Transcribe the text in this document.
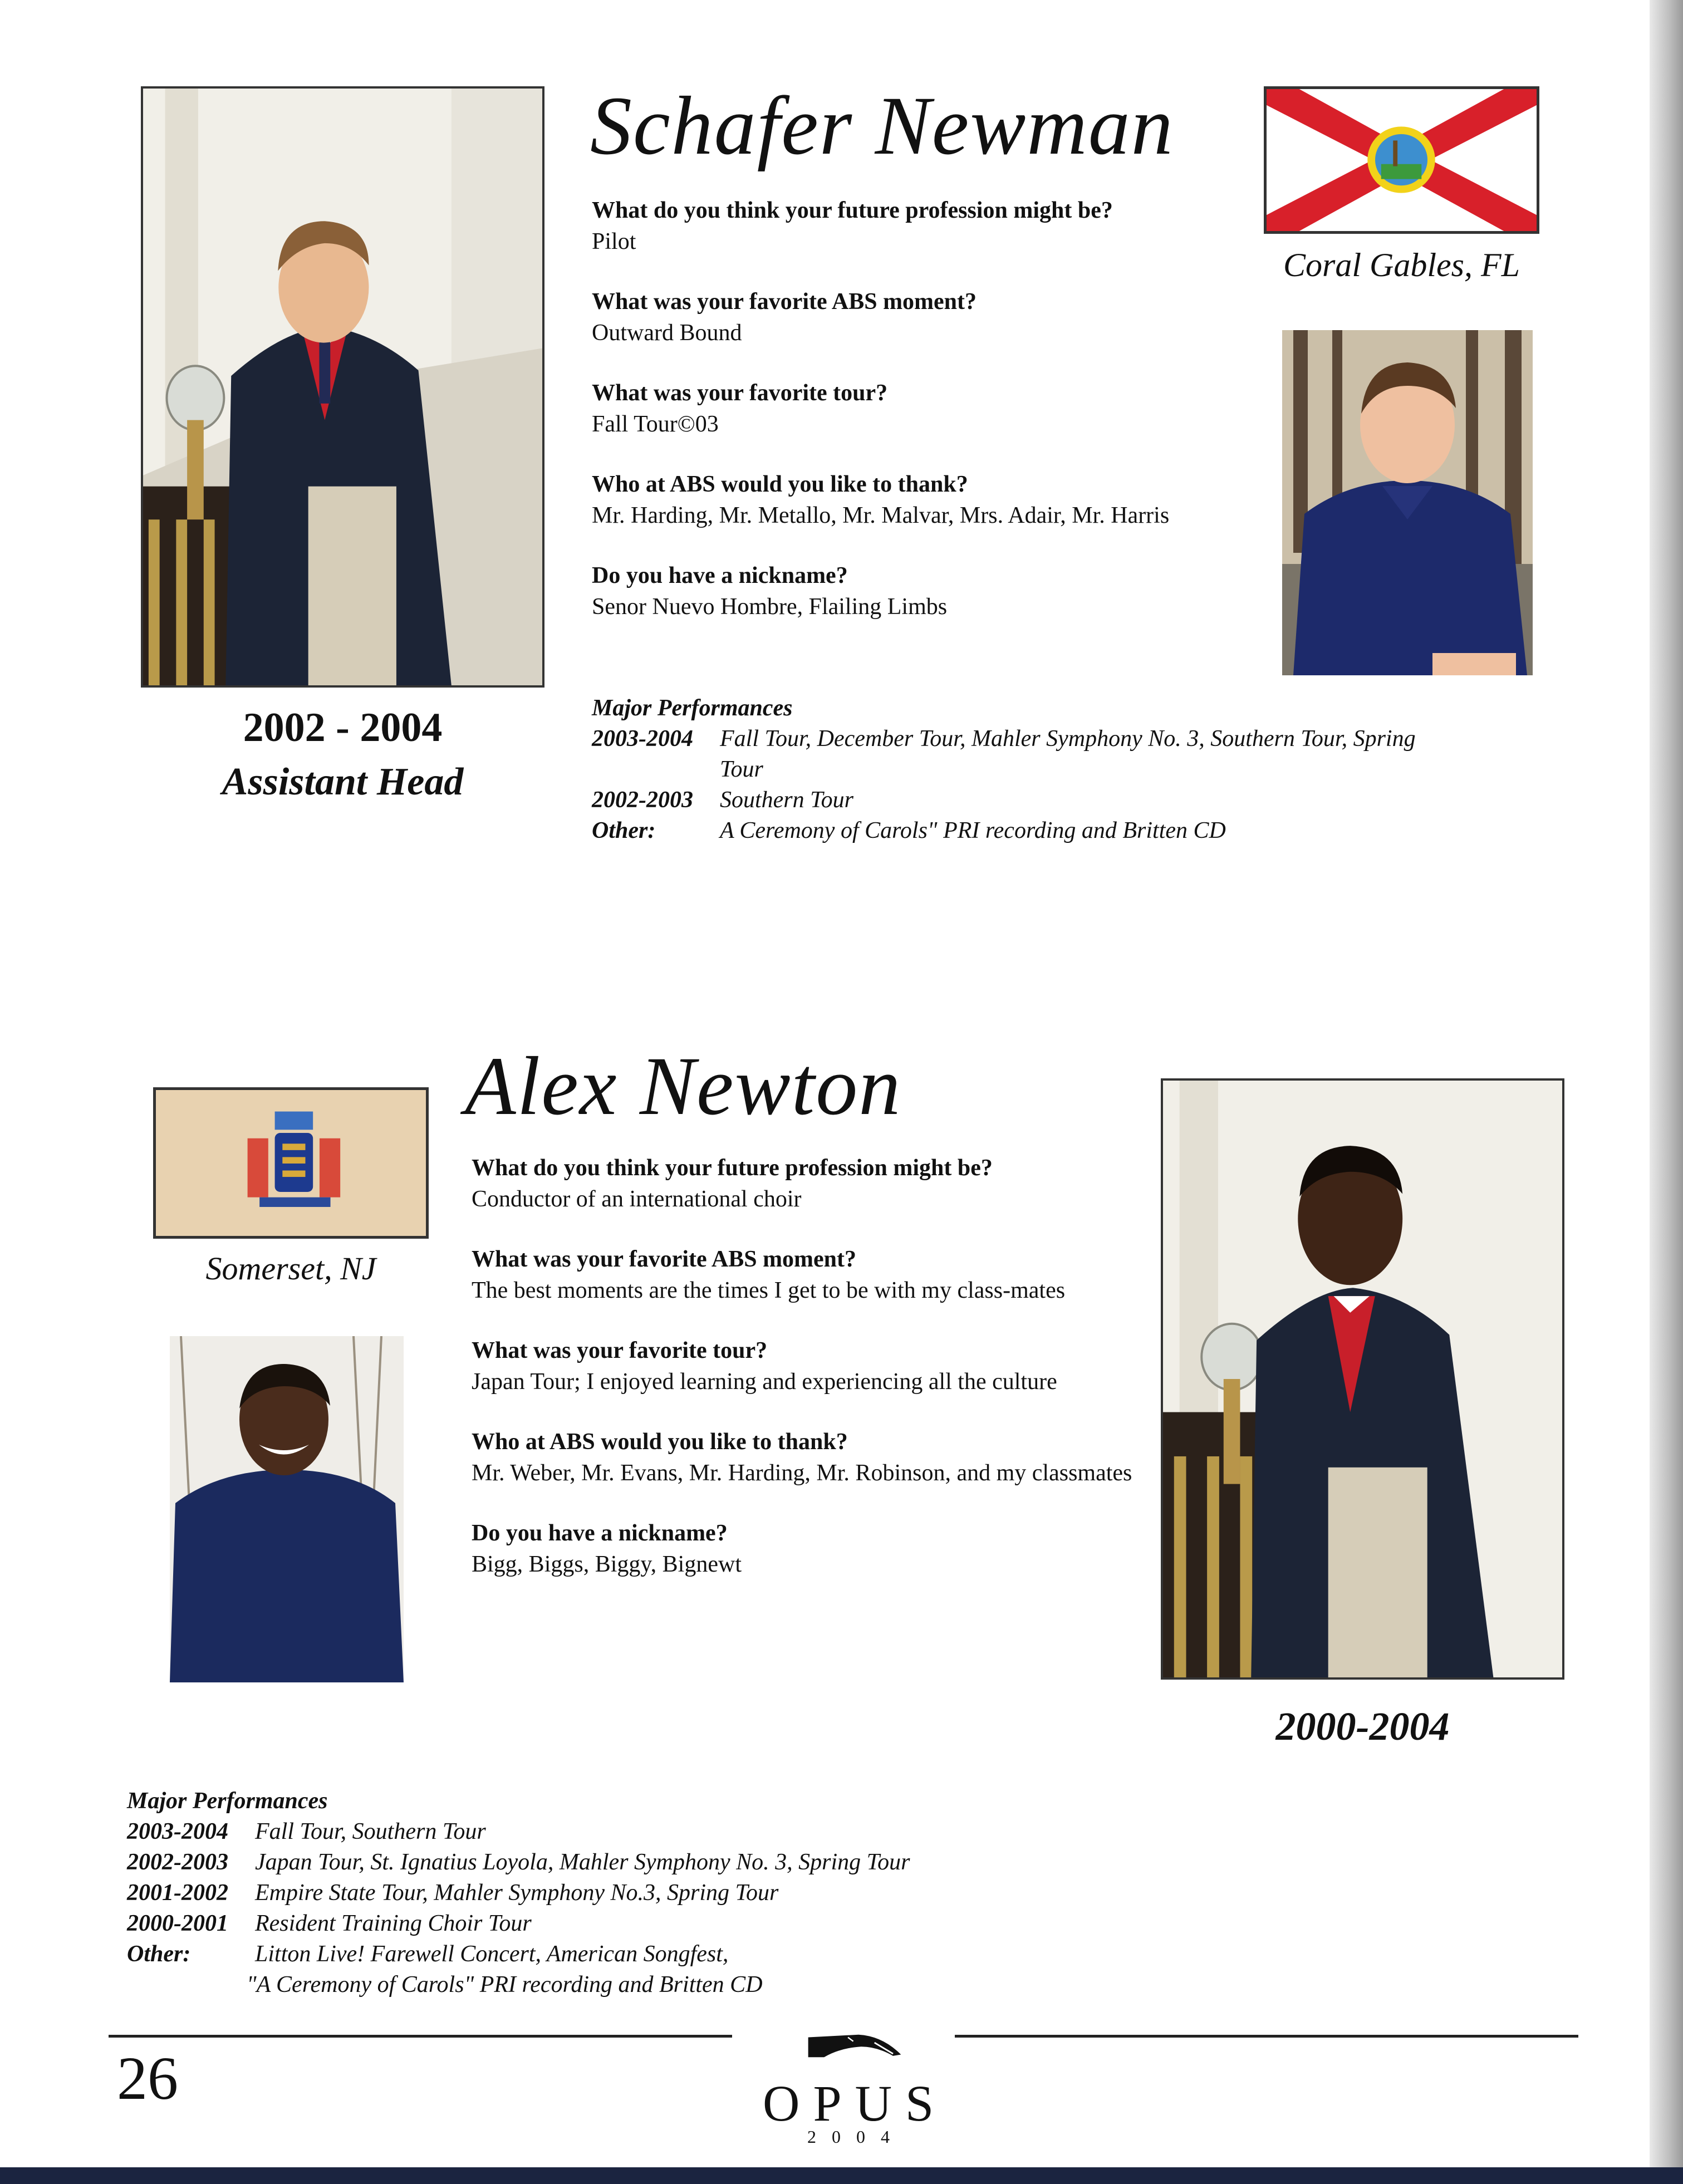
2002 - 2004
Assistant Head
Schafer Newman
What do you think your future profession might be?
Pilot
What was your favorite ABS moment?
Outward Bound
What was your favorite tour?
Fall Tour©03
Who at ABS would you like to thank?
Mr. Harding, Mr. Metallo, Mr. Malvar, Mrs. Adair, Mr. Harris
Do you have a nickname?
Senor Nuevo Hombre, Flailing Limbs
Coral Gables, FL
Major Performances
2003-2004	Fall Tour, December Tour, Mahler Symphony No. 3, Southern Tour, Spring Tour
2002-2003	Southern Tour
Other:	A Ceremony of Carols" PRI recording and Britten CD
Somerset, NJ
Alex Newton
What do you think your future profession might be?
Conductor of an international choir
What was your favorite ABS moment?
The best moments are the times I get to be with my class-mates
What was your favorite tour?
Japan Tour; I enjoyed learning and experiencing all the culture
Who at ABS would you like to thank?
Mr. Weber, Mr. Evans, Mr. Harding, Mr. Robinson, and my classmates
Do you have a nickname?
Bigg, Biggs, Biggy, Bignewt
2000-2004
Major Performances
2003-2004	Fall Tour, Southern Tour
2002-2003	Japan Tour, St. Ignatius Loyola, Mahler Symphony No. 3, Spring Tour
2001-2002	Empire State Tour, Mahler Symphony No.3, Spring Tour
2000-2001	Resident Training Choir Tour
Other:	Litton Live! Farewell Concert, American Songfest,
"A Ceremony of Carols" PRI recording and Britten CD
26	OPUS
2 0 0 4
